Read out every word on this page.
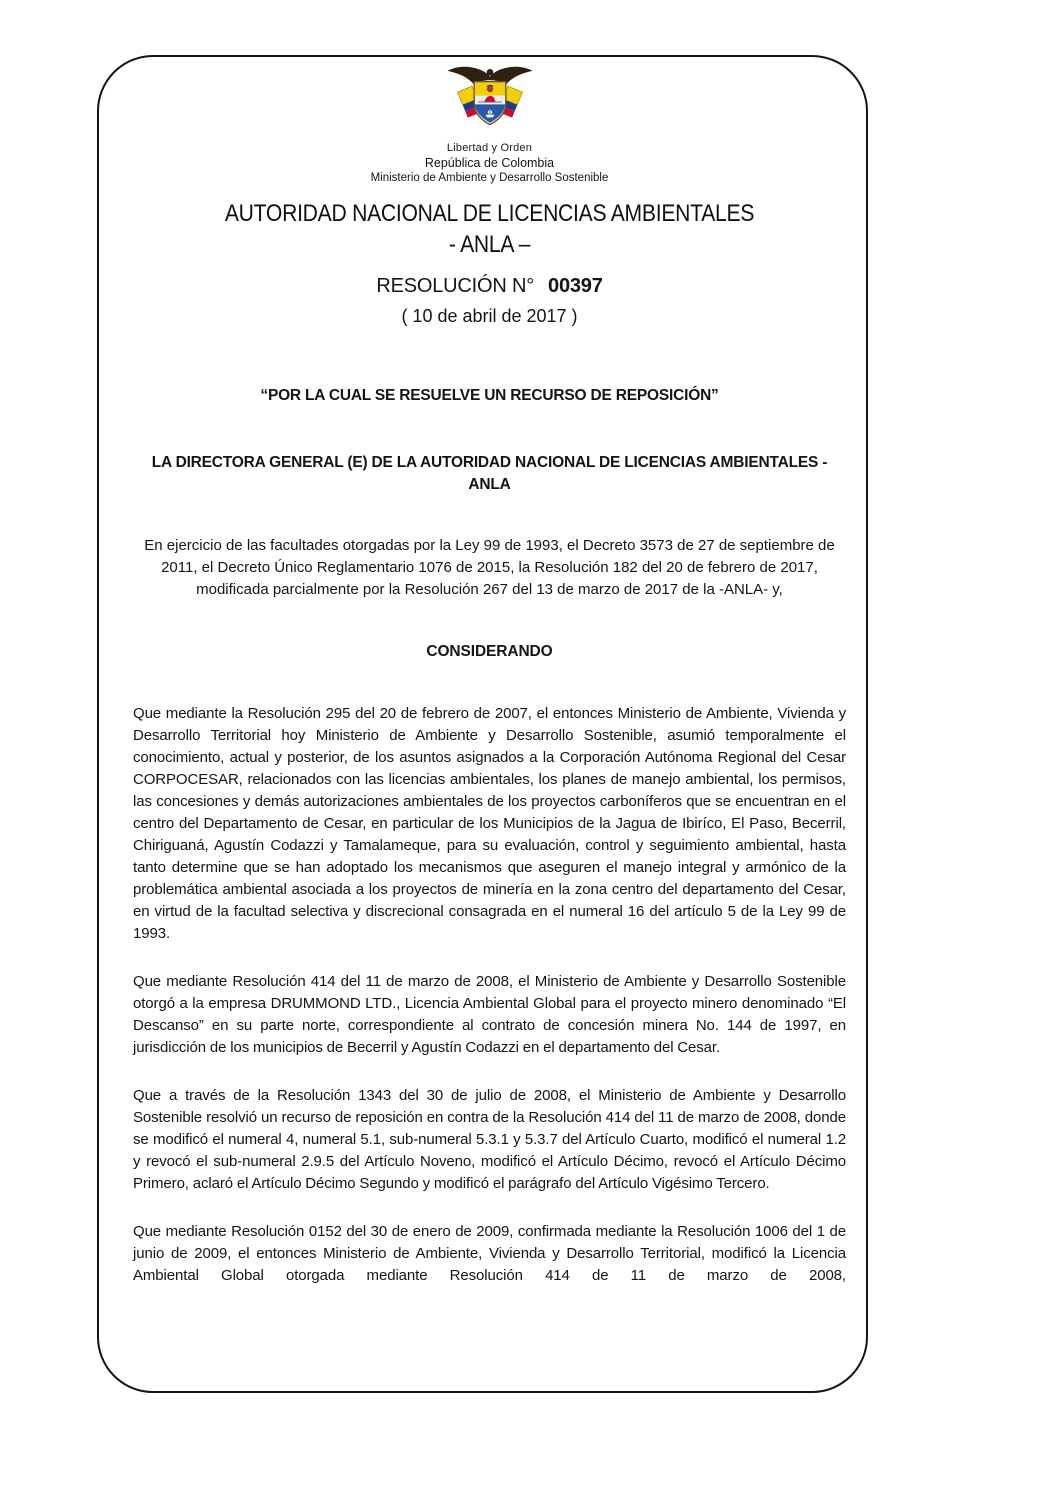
Libertad y Orden
República de Colombia
Ministerio de Ambiente y Desarrollo Sostenible
AUTORIDAD NACIONAL DE LICENCIAS AMBIENTALES
- ANLA –
RESOLUCIÓN N° 00397
( 10 de abril de 2017 )
“POR LA CUAL SE RESUELVE UN RECURSO DE REPOSICIÓN”
LA DIRECTORA GENERAL (E) DE LA AUTORIDAD NACIONAL DE LICENCIAS AMBIENTALES - ANLA
En ejercicio de las facultades otorgadas por la Ley 99 de 1993, el Decreto 3573 de 27 de septiembre de 2011, el Decreto Único Reglamentario 1076 de 2015, la Resolución 182 del 20 de febrero de 2017, modificada parcialmente por la Resolución 267 del 13 de marzo de 2017 de la -ANLA- y,
CONSIDERANDO

Que mediante la Resolución 295 del 20 de febrero de 2007, el entonces Ministerio de Ambiente, Vivienda y Desarrollo Territorial hoy Ministerio de Ambiente y Desarrollo Sostenible, asumió temporalmente el conocimiento, actual y posterior, de los asuntos asignados a la Corporación Autónoma Regional del Cesar CORPOCESAR, relacionados con las licencias ambientales, los planes de manejo ambiental, los permisos, las concesiones y demás autorizaciones ambientales de los proyectos carboníferos que se encuentran en el centro del Departamento de Cesar, en particular de los Municipios de la Jagua de Ibiríco, El Paso, Becerril, Chiriguaná, Agustín Codazzi y Tamalameque, para su evaluación, control y seguimiento ambiental, hasta tanto determine que se han adoptado los mecanismos que aseguren el manejo integral y armónico de la problemática ambiental asociada a los proyectos de minería en la zona centro del departamento del Cesar, en virtud de la facultad selectiva y discrecional consagrada en el numeral 16 del artículo 5 de la Ley 99 de 1993.

Que mediante Resolución 414 del 11 de marzo de 2008, el Ministerio de Ambiente y Desarrollo Sostenible otorgó a la empresa DRUMMOND LTD., Licencia Ambiental Global para el proyecto minero denominado “El Descanso” en su parte norte, correspondiente al contrato de concesión minera No. 144 de 1997, en jurisdicción de los municipios de Becerril y Agustín Codazzi en el departamento del Cesar.

Que a través de la Resolución 1343 del 30 de julio de 2008, el Ministerio de Ambiente y Desarrollo Sostenible resolvió un recurso de reposición en contra de la Resolución 414 del 11 de marzo de 2008, donde se modificó el numeral 4, numeral 5.1, sub-numeral 5.3.1 y 5.3.7 del Artículo Cuarto, modificó el numeral 1.2 y revocó el sub-numeral 2.9.5 del Artículo Noveno, modificó el Artículo Décimo, revocó el Artículo Décimo Primero, aclaró el Artículo Décimo Segundo y modificó el parágrafo del Artículo Vigésimo Tercero.

Que mediante Resolución 0152 del 30 de enero de 2009, confirmada mediante la Resolución 1006 del 1 de junio de 2009, el entonces Ministerio de Ambiente, Vivienda y Desarrollo Territorial, modificó la Licencia Ambiental Global otorgada mediante Resolución 414 de 11 de marzo de 2008,
